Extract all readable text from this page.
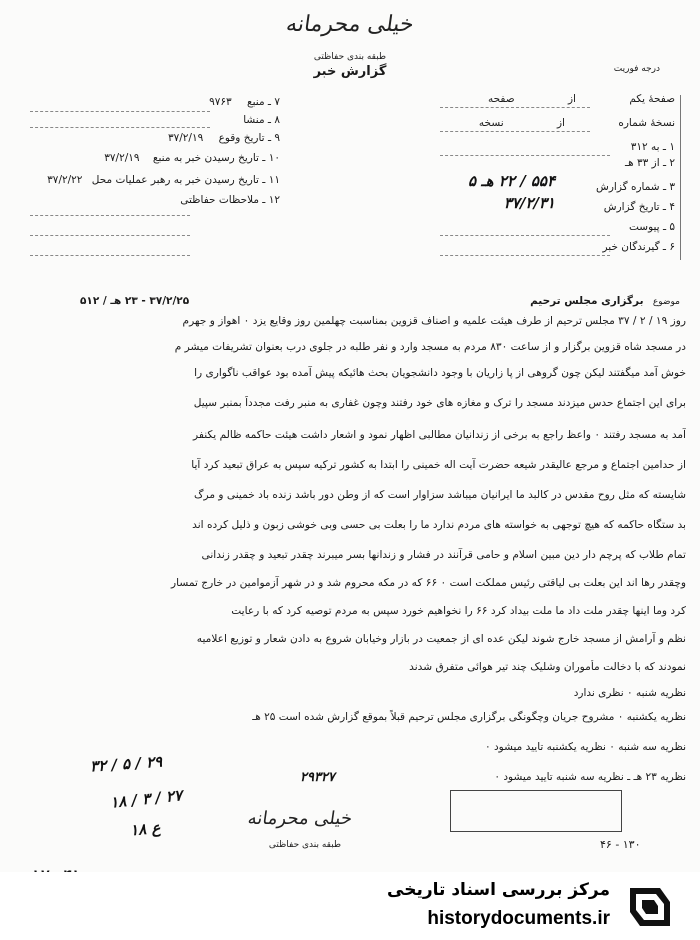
خیلی محرمانه
طبقه بندی حفاظتی
گزارش خبر	درجه فوریت
صفحهٔ یکم از صفحه
نسخهٔ شماره از نسخه
۱ ـ به ۳۱۲
۲ ـ از ۳۳ هـ
۳ ـ شماره گزارش
۵۵۴ / ۲۲ هـ ۵
۴ ـ تاریخ گزارش
۳۷/۲/۳۱
۵ ـ پیوست
۶ ـ گیرندگان خبر
۷ ـ منبع ۹۷۶۳
۸ ـ منشا
۹ ـ تاریخ وقوع ۳۷/۲/۱۹
۱۰ ـ تاریخ رسیدن خبر به منبع ۳۷/۲/۱۹
۱۱ ـ تاریخ رسیدن خبر به رهبر عملیات محل ۳۷/۲/۲۲
۱۲ ـ ملاحظات حفاظتی
موضوع برگزاری مجلس ترحیم
۳۷/۲/۲۵ - ۲۳ هـ / ۵۱۲
روز ۱۹ / ۲ / ۳۷ مجلس ترحیم از طرف هیئت علمیه و اصناف قزوین بمناسبت چهلمین روز وقایع یزد ۰ اهواز و جهرم
در مسجد شاه قزوین برگزار و از ساعت ۸۳۰ مردم به مسجد وارد و نفر طلبه در جلوی درب بعنوان تشریفات میشر م
خوش آمد میگفتند لیکن چون گروهی از پا زاریان با وجود دانشجویان بحث هائیکه پیش آمده بود عواقب ناگواری را
برای این اجتماع حدس میزدند مسجد را ترک و مغازه های خود رفتند وچون غفاری به منبر رفت مجدداً بمنبر سپیل
آمد به مسجد رفتند ۰ واعظ راجع به برخی از زندانیان مطالبی اظهار نمود و اشعار داشت هیئت حاکمه ظالم یکنفر
از حدامین اجتماع و مرجع عالیقدر شیعه حضرت آیت اله خمینی را ابتدا به کشور ترکیه سپس به عراق تبعید کرد آیا
شایسته که مثل روح مقدس در کالبد ما ایرانیان میباشد سزاوار است که از وطن دور باشد زنده باد خمینی و مرگ
بد ستگاه حاکمه که هیچ توجهی به خواسته های مردم ندارد ما را بعلت بی حسی وبی خوشی زبون و ذلیل کرده اند
تمام طلاب که پرچم دار دین مبین اسلام و حامی قرآنند در فشار و زندانها بسر میبرند چقدر تبعید و چقدر زندانی
وچقدر رها اند این بعلت بی لیاقتی رئیس مملکت است ۰ ۶۶ که در مکه محروم شد و در شهر آزموامین در خارج تمسار
کرد وما اینها چقدر ملت داد ما ملت بیداد کرد ۶۶ را نخواهیم خورد سپس به مردم توصیه کرد که با رعایت
نظم و آرامش از مسجد خارج شوند لیکن عده ای از جمعیت در بازار وخیابان شروع به دادن شعار و توزیع اعلامیه
نمودند که با دخالت مأموران وشلیک چند تیر هوائی متفرق شدند
نظریه شنبه ۰ نظری ندارد
نظریه یکشنبه ۰ مشروح جریان وچگونگی برگزاری مجلس ترحیم قبلاً بموقع گزارش شده است ۲۵ هـ
نظریه سه شنبه ۰ نظریه یکشنبه تایید میشود ۰
نظریه ۲۳ هـ ـ نظریه سه شنبه تایید میشود ۰
۳۲ / ۵ / ۲۹
۱۸ / ۳ / ۲۷
۱۸ ع
۲۹۳۲۷
خیلی محرمانه
طبقه بندی حفاظتی	۴۶ - ۱۳۰
مرکز بررسی اسناد تاریخی
historydocuments.ir
